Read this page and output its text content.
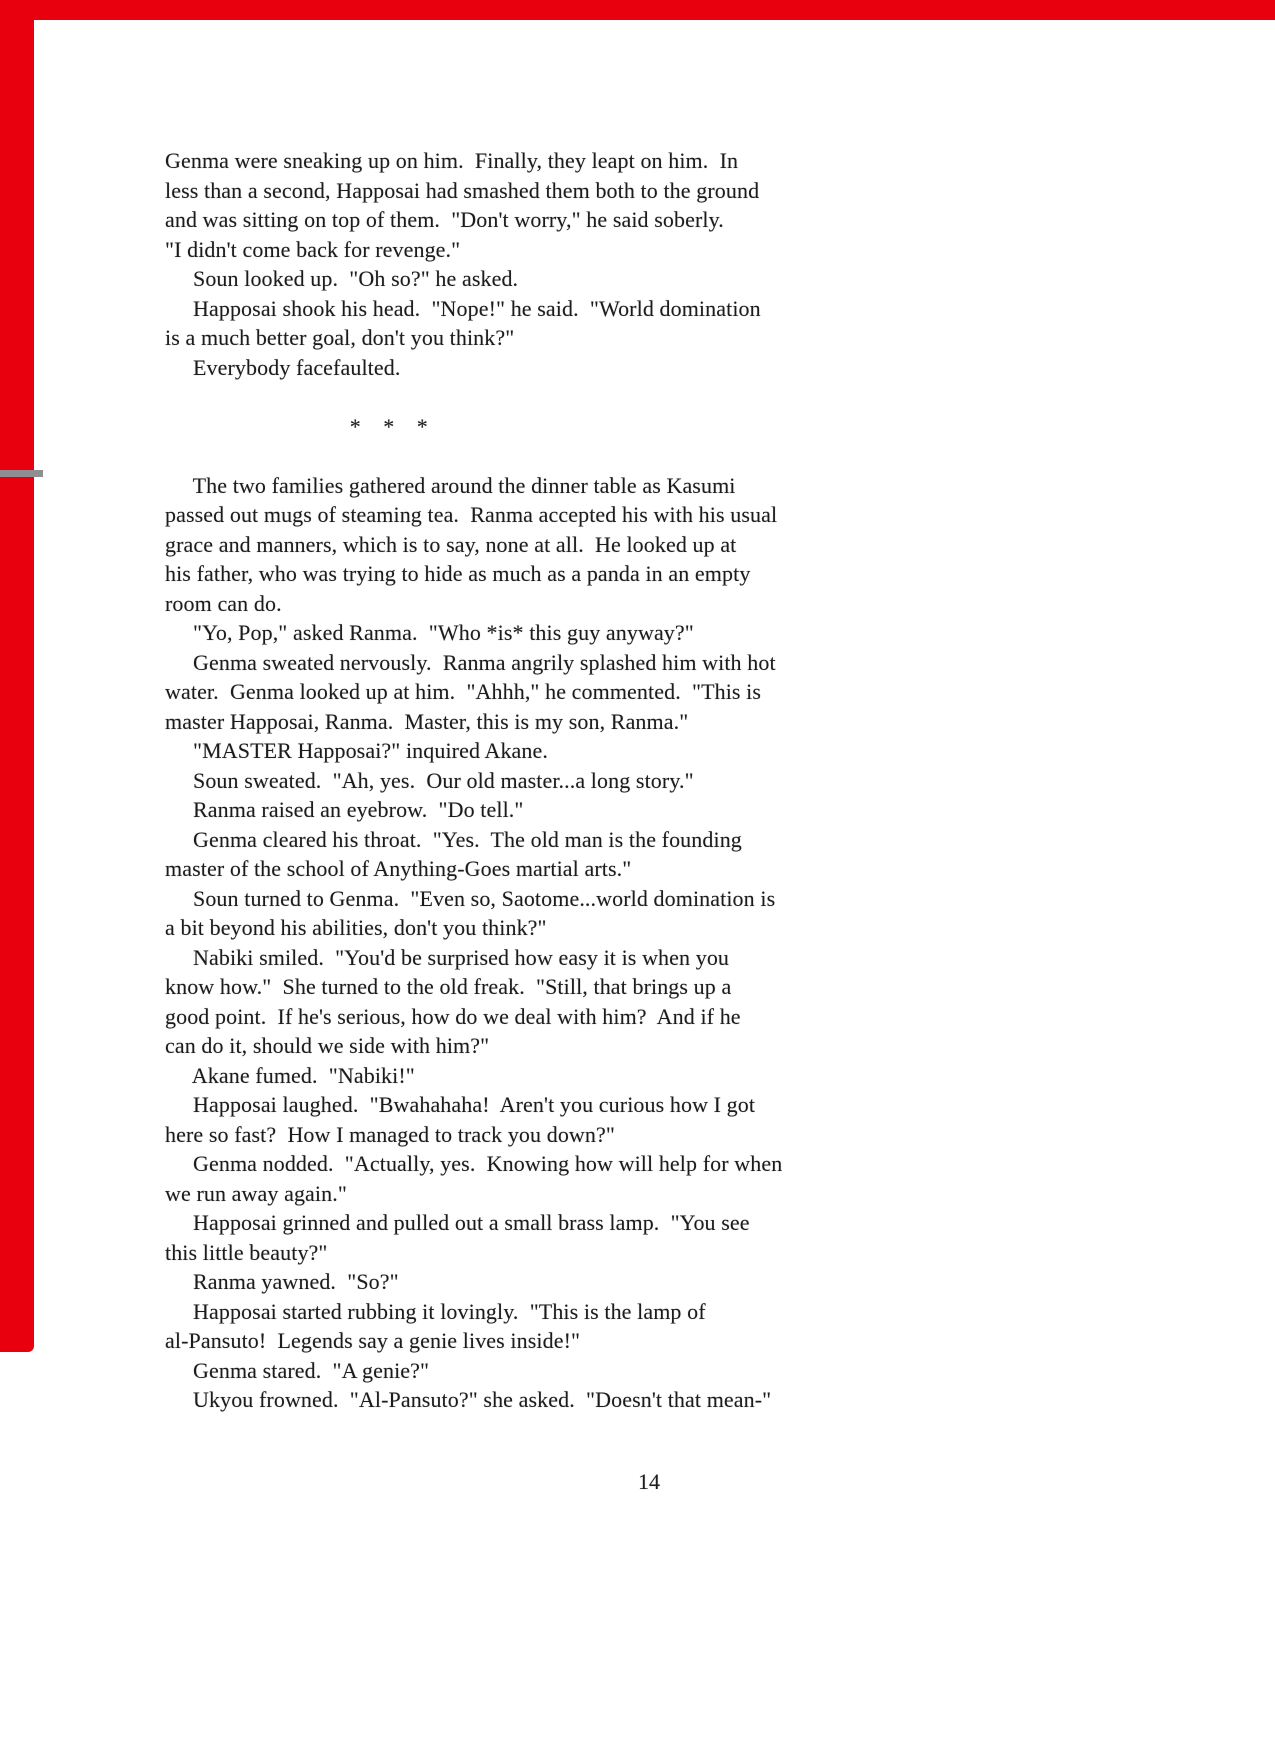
Genma were sneaking up on him.  Finally, they leapt on him.  In
less than a second, Happosai had smashed them both to the ground
and was sitting on top of them.  "Don't worry," he said soberly.
"I didn't come back for revenge."
Soun looked up.  "Oh so?" he asked.
Happosai shook his head.  "Nope!" he said.  "World domination
is a much better goal, don't you think?"
Everybody facefaulted.

*    *    *

The two families gathered around the dinner table as Kasumi
passed out mugs of steaming tea.  Ranma accepted his with his usual
grace and manners, which is to say, none at all.  He looked up at
his father, who was trying to hide as much as a panda in an empty
room can do.
"Yo, Pop," asked Ranma.  "Who *is* this guy anyway?"
Genma sweated nervously.  Ranma angrily splashed him with hot
water.  Genma looked up at him.  "Ahhh," he commented.  "This is
master Happosai, Ranma.  Master, this is my son, Ranma."
"MASTER Happosai?" inquired Akane.
Soun sweated.  "Ah, yes.  Our old master...a long story."
Ranma raised an eyebrow.  "Do tell."
Genma cleared his throat.  "Yes.  The old man is the founding
master of the school of Anything-Goes martial arts."
Soun turned to Genma.  "Even so, Saotome...world domination is
a bit beyond his abilities, don't you think?"
Nabiki smiled.  "You'd be surprised how easy it is when you
know how."  She turned to the old freak.  "Still, that brings up a
good point.  If he's serious, how do we deal with him?  And if he
can do it, should we side with him?"
Akane fumed.  "Nabiki!"
Happosai laughed.  "Bwahahaha!  Aren't you curious how I got
here so fast?  How I managed to track you down?"
Genma nodded.  "Actually, yes.  Knowing how will help for when
we run away again."
Happosai grinned and pulled out a small brass lamp.  "You see
this little beauty?"
Ranma yawned.  "So?"
Happosai started rubbing it lovingly.  "This is the lamp of
al-Pansuto!  Legends say a genie lives inside!"
Genma stared.  "A genie?"
Ukyou frowned.  "Al-Pansuto?" she asked.  "Doesn't that mean-"
14
